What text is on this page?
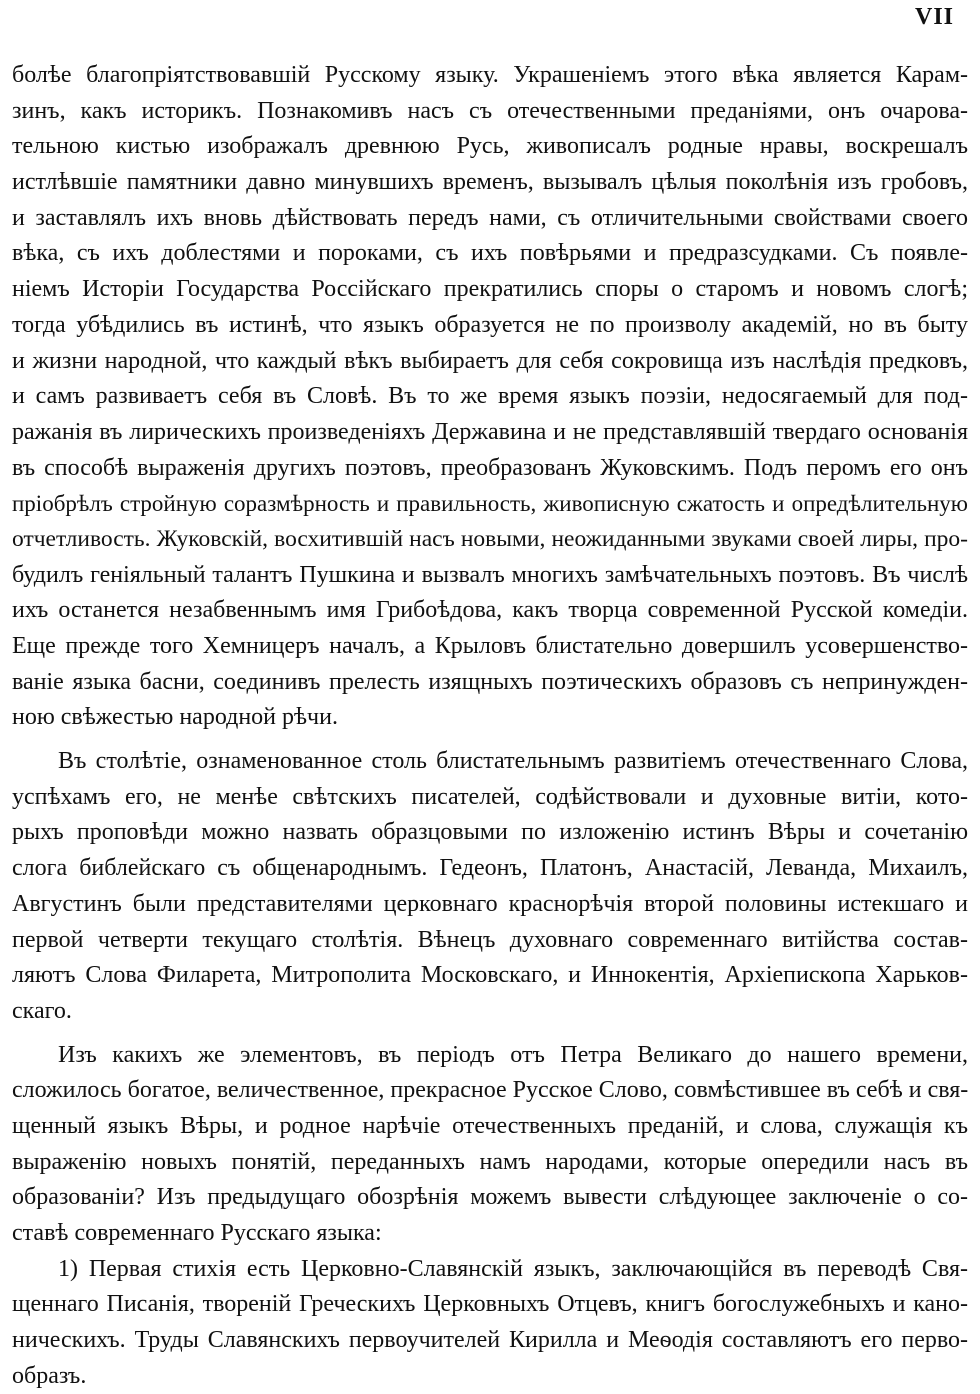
VII
болѣе благопріятствовавшій Русскому языку. Украшеніемъ этого вѣка является Карам-
зинъ, какъ историкъ. Познакомивъ насъ съ отечественными преданіями, онъ очарова-
тельною кистью изображалъ древнюю Русь, живописалъ родные нравы, воскрешалъ
истлѣвшіе памятники давно минувшихъ временъ, вызывалъ цѣлыя поколѣнія изъ гробовъ,
и заставлялъ ихъ вновь дѣйствовать передъ нами, съ отличительными свойствами своего
вѣка, съ ихъ доблестями и пороками, съ ихъ повѣрьями и предразсудками. Съ появле-
ніемъ Исторіи Государства Россійскаго прекратились споры о старомъ и новомъ слогѣ;
тогда убѣдились въ истинѣ, что языкъ образуется не по произволу академій, но въ быту
и жизни народной, что каждый вѣкъ выбираетъ для себя сокровища изъ наслѣдія предковъ,
и самъ развиваетъ себя въ Словѣ. Въ то же время языкъ поэзіи, недосягаемый для под-
ражанія въ лирическихъ произведеніяхъ Державина и не представлявшій твердаго основанія
въ способѣ выраженія другихъ поэтовъ, преобразованъ Жуковскимъ. Подъ перомъ его онъ
пріобрѣлъ стройную соразмѣрность и правильность, живописную сжатость и опредѣлительную
отчетливость. Жуковскій, восхитившій насъ новыми, неожиданными звуками своей лиры, про-
будилъ геніяльный талантъ Пушкина и вызвалъ многихъ замѣчательныхъ поэтовъ. Въ числѣ
ихъ останется незабвеннымъ имя Грибоѣдова, какъ творца современной Русской комедіи.
Еще прежде того Хемницеръ началъ, а Крыловъ блистательно довершилъ усовершенство-
ваніе языка басни, соединивъ прелесть изящныхъ поэтическихъ образовъ съ непринужден-
ною свѣжестью народной рѣчи.
Въ столѣтіе, ознаменованное столь блистательнымъ развитіемъ отечественнаго Слова,
успѣхамъ его, не менѣе свѣтскихъ писателей, содѣйствовали и духовные витіи, кото-
рыхъ проповѣди можно назвать образцовыми по изложенію истинъ Вѣры и сочетанію
слога библейскаго съ общенароднымъ. Гедеонъ, Платонъ, Анастасій, Леванда, Михаилъ,
Августинъ были представителями церковнаго краснорѣчія второй половины истекшаго и
первой четверти текущаго столѣтія. Вѣнецъ духовнаго современнаго витійства состав-
ляютъ Слова Филарета, Митрополита Московскаго, и Иннокентія, Архіепископа Харьков-
скаго.
Изъ какихъ же элементовъ, въ періодъ отъ Петра Великаго до нашего времени,
сложилось богатое, величественное, прекрасное Русское Слово, совмѣстившее въ себѣ и свя-
щенный языкъ Вѣры, и родное нарѣчіе отечественныхъ преданій, и слова, служащія къ
выраженію новыхъ понятій, переданныхъ намъ народами, которые опередили насъ въ
образованіи? Изъ предыдущаго обозрѣнія можемъ вывести слѣдующее заключеніе о со-
ставѣ современнаго Русскаго языка:
1) Первая стихія есть Церковно-Славянскій языкъ, заключающійся въ переводѣ Свя-
щеннаго Писанія, твореній Греческихъ Церковныхъ Отцевъ, книгъ богослужебныхъ и кано-
ническихъ. Труды Славянскихъ первоучителей Кирилла и Меѳодія составляютъ его перво-
образъ.
